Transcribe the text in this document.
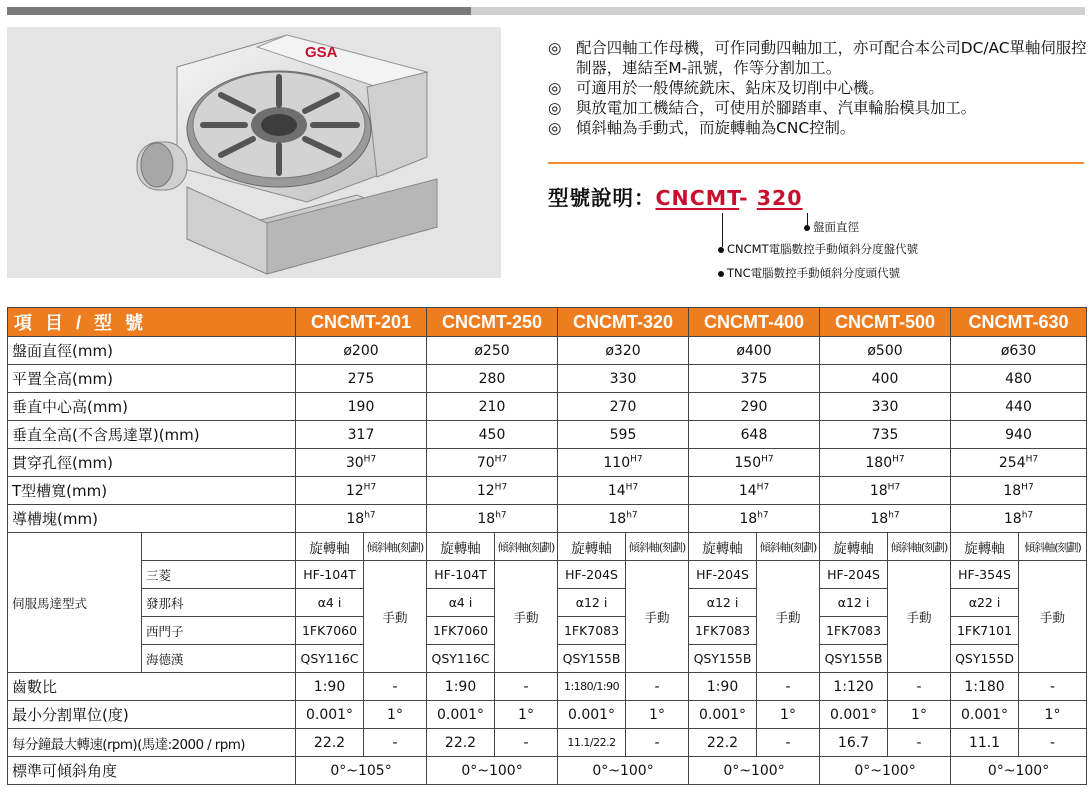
GSA	◎ 配合四軸工作母機，可作同動四軸加工，亦可配合本公司DC/AC單軸伺服控制器，連結至M-訊號，作等分割加工。
◎ 可適用於一般傳統銑床、鉆床及切削中心機。
◎ 與放電加工機結合，可使用於腳踏車、汽車輪胎模具加工。
◎ 傾斜軸為手動式，而旋轉軸為CNC控制。
型號說明：CNCMT- 320
盤面直徑
CNCMT電腦數控手動傾斜分度盤代號
TNC電腦數控手動傾斜分度頭代號
項 目 / 型 號		CNCMT-201		CNCMT-250		CNCMT-320		CNCMT-400		CNCMT-500		CNCMT-630	
盤面直徑(mm)		ø200		ø250		ø320		ø400		ø500		ø630	
平置全高(mm)		275		280		330		375		400		480	
垂直中心高(mm)		190		210		270		290		330		440	
垂直全高(不含馬達罩)(mm)		317		450		595		648		735		940	
貫穿孔徑(mm)		$30^{H7}$		$70^{H7}$		$110^{H7}$		$150^{H7}$		$180^{H7}$		$254^{H7}$
T型槽寬(mm)		$12^{H7}$		$12^{H7}$		$14^{H7}$		$14^{H7}$		$18^{H7}$		$18^{H7}$
導槽塊(mm)		$18^{h7}$		$18^{h7}$		$18^{h7}$		$18^{h7}$		$18^{h7}$		$18^{h7}$
伺服馬達型式		旋轉軸	傾斜軸(刻劃)	旋轉軸	傾斜軸(刻劃)	旋轉軸	傾斜軸(刻劃)	旋轉軸	傾斜軸(刻劃)	旋轉軸	傾斜軸(刻劃)	旋轉軸	傾斜軸(刻劃)
	三菱	HF-104T	手動	HF-104T	手動	HF-204S	手動	HF-204S	手動	HF-204S	手動	HF-354S	手動
	發那科	α4 i		α4 i		α12 i		α12 i		α12 i		α22 i	
	西門子	1FK7060		1FK7060		1FK7083		1FK7083		1FK7083		1FK7101	
	海德漢	QSY116C		QSY116C		QSY155B		QSY155B		QSY155B		QSY155D	
齒數比		1:90	-	1:90	-	1:180/1:90	-	1:90	-	1:120	-	1:180	-
最小分割單位(度)		0.001°	1°	0.001°	1°	0.001°	1°	0.001°	1°	0.001°	1°	0.001°	1°
每分鐘最大轉速(rpm)(馬達:2000 / rpm)		22.2	-	22.2	-	11.1/22.2	-	22.2	-	16.7	-	11.1	-
標準可傾斜角度		0°~105°		0°~100°		0°~100°		0°~100°		0°~100°		0°~100°	
